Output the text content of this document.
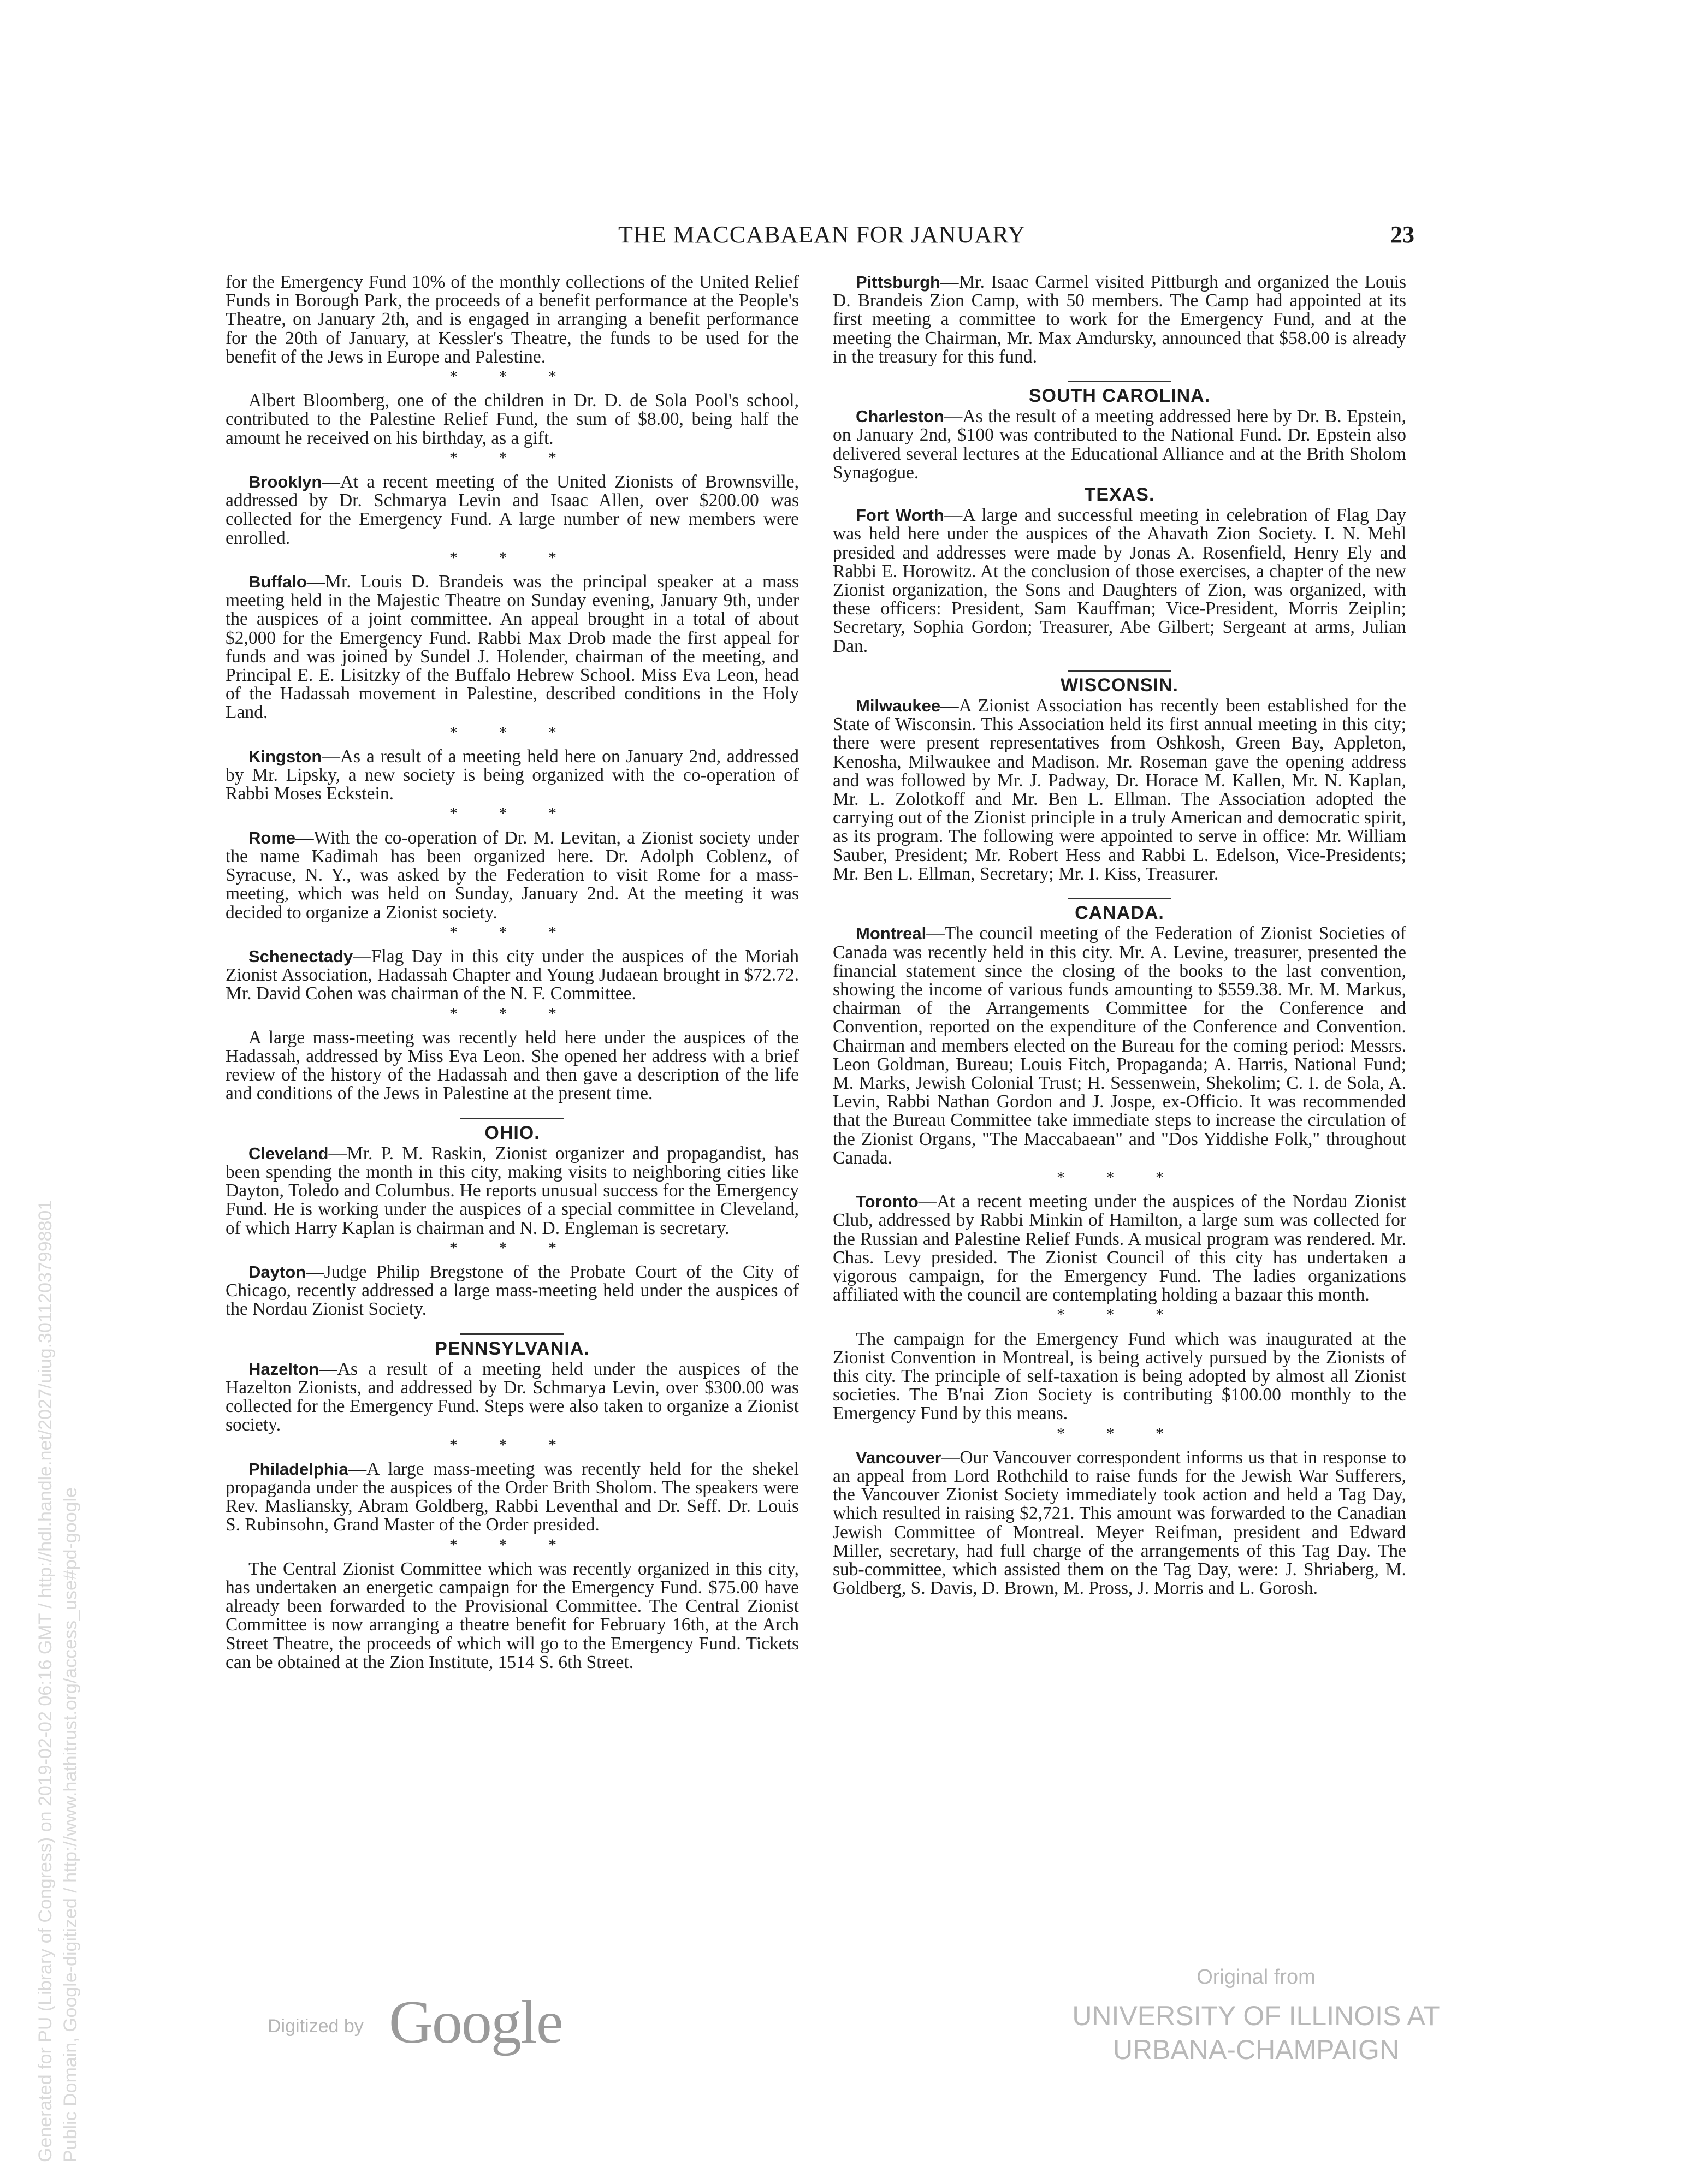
THE MACCABAEAN FOR JANUARY	23

for the Emergency Fund 10% of the monthly collections of the United Relief Funds in Borough Park, the proceeds of a benefit performance at the People's Theatre, on January 2th, and is engaged in arranging a benefit performance for the 20th of January, at Kessler's Theatre, the funds to be used for the benefit of the Jews in Europe and Palestine.

* * *

Albert Bloomberg, one of the children in Dr. D. de Sola Pool's school, contributed to the Palestine Relief Fund, the sum of $8.00, being half the amount he received on his birthday, as a gift.

* * *

Brooklyn—At a recent meeting of the United Zionists of Brownsville, addressed by Dr. Schmarya Levin and Isaac Allen, over $200.00 was collected for the Emergency Fund. A large number of new members were enrolled.

* * *

Buffalo—Mr. Louis D. Brandeis was the principal speaker at a mass meeting held in the Majestic Theatre on Sunday evening, January 9th, under the auspices of a joint committee. An appeal brought in a total of about $2,000 for the Emergency Fund. Rabbi Max Drob made the first appeal for funds and was joined by Sundel J. Holender, chairman of the meeting, and Principal E. E. Lisitzky of the Buffalo Hebrew School. Miss Eva Leon, head of the Hadassah movement in Palestine, described conditions in the Holy Land.

* * *

Kingston—As a result of a meeting held here on January 2nd, addressed by Mr. Lipsky, a new society is being organized with the co-operation of Rabbi Moses Eckstein.

* * *

Rome—With the co-operation of Dr. M. Levitan, a Zionist society under the name Kadimah has been organized here. Dr. Adolph Coblenz, of Syracuse, N. Y., was asked by the Federation to visit Rome for a mass-meeting, which was held on Sunday, January 2nd. At the meeting it was decided to organize a Zionist society.

* * *

Schenectady—Flag Day in this city under the auspices of the Moriah Zionist Association, Hadassah Chapter and Young Judaean brought in $72.72. Mr. David Cohen was chairman of the N. F. Committee.

* * *

A large mass-meeting was recently held here under the auspices of the Hadassah, addressed by Miss Eva Leon. She opened her address with a brief review of the history of the Hadassah and then gave a description of the life and conditions of the Jews in Palestine at the present time.

OHIO.

Cleveland—Mr. P. M. Raskin, Zionist organizer and propagandist, has been spending the month in this city, making visits to neighboring cities like Dayton, Toledo and Columbus. He reports unusual success for the Emergency Fund. He is working under the auspices of a special committee in Cleveland, of which Harry Kaplan is chairman and N. D. Engleman is secretary.

* * *

Dayton—Judge Philip Bregstone of the Probate Court of the City of Chicago, recently addressed a large mass-meeting held under the auspices of the Nordau Zionist Society.

PENNSYLVANIA.

Hazelton—As a result of a meeting held under the auspices of the Hazelton Zionists, and addressed by Dr. Schmarya Levin, over $300.00 was collected for the Emergency Fund. Steps were also taken to organize a Zionist society.

* * *

Philadelphia—A large mass-meeting was recently held for the shekel propaganda under the auspices of the Order Brith Sholom. The speakers were Rev. Masliansky, Abram Goldberg, Rabbi Leventhal and Dr. Seff. Dr. Louis S. Rubinsohn, Grand Master of the Order presided.

* * *

The Central Zionist Committee which was recently organized in this city, has undertaken an energetic campaign for the Emergency Fund. $75.00 have already been forwarded to the Provisional Committee. The Central Zionist Committee is now arranging a theatre benefit for February 16th, at the Arch Street Theatre, the proceeds of which will go to the Emergency Fund. Tickets can be obtained at the Zion Institute, 1514 S. 6th Street.

Pittsburgh—Mr. Isaac Carmel visited Pittburgh and organized the Louis D. Brandeis Zion Camp, with 50 members. The Camp had appointed at its first meeting a committee to work for the Emergency Fund, and at the meeting the Chairman, Mr. Max Amdursky, announced that $58.00 is already in the treasury for this fund.

SOUTH CAROLINA.

Charleston—As the result of a meeting addressed here by Dr. B. Epstein, on January 2nd, $100 was contributed to the National Fund. Dr. Epstein also delivered several lectures at the Educational Alliance and at the Brith Sholom Synagogue.

TEXAS.

Fort Worth—A large and successful meeting in celebration of Flag Day was held here under the auspices of the Ahavath Zion Society. I. N. Mehl presided and addresses were made by Jonas A. Rosenfield, Henry Ely and Rabbi E. Horowitz. At the conclusion of those exercises, a chapter of the new Zionist organization, the Sons and Daughters of Zion, was organized, with these officers: President, Sam Kauffman; Vice-President, Morris Zeiplin; Secretary, Sophia Gordon; Treasurer, Abe Gilbert; Sergeant at arms, Julian Dan.

WISCONSIN.

Milwaukee—A Zionist Association has recently been established for the State of Wisconsin. This Association held its first annual meeting in this city; there were present representatives from Oshkosh, Green Bay, Appleton, Kenosha, Milwaukee and Madison. Mr. Roseman gave the opening address and was followed by Mr. J. Padway, Dr. Horace M. Kallen, Mr. N. Kaplan, Mr. L. Zolotkoff and Mr. Ben L. Ellman. The Association adopted the carrying out of the Zionist principle in a truly American and democratic spirit, as its program. The following were appointed to serve in office: Mr. William Sauber, President; Mr. Robert Hess and Rabbi L. Edelson, Vice-Presidents; Mr. Ben L. Ellman, Secretary; Mr. I. Kiss, Treasurer.

CANADA.

Montreal—The council meeting of the Federation of Zionist Societies of Canada was recently held in this city. Mr. A. Levine, treasurer, presented the financial statement since the closing of the books to the last convention, showing the income of various funds amounting to $559.38. Mr. M. Markus, chairman of the Arrangements Committee for the Conference and Convention, reported on the expenditure of the Conference and Convention. Chairman and members elected on the Bureau for the coming period: Messrs. Leon Goldman, Bureau; Louis Fitch, Propaganda; A. Harris, National Fund; M. Marks, Jewish Colonial Trust; H. Sessenwein, Shekolim; C. I. de Sola, A. Levin, Rabbi Nathan Gordon and J. Jospe, ex-Officio. It was recommended that the Bureau Committee take immediate steps to increase the circulation of the Zionist Organs, "The Maccabaean" and "Dos Yiddishe Folk," throughout Canada.

* * *

Toronto—At a recent meeting under the auspices of the Nordau Zionist Club, addressed by Rabbi Minkin of Hamilton, a large sum was collected for the Russian and Palestine Relief Funds. A musical program was rendered. Mr. Chas. Levy presided. The Zionist Council of this city has undertaken a vigorous campaign, for the Emergency Fund. The ladies organizations affiliated with the council are contemplating holding a bazaar this month.

* * *

The campaign for the Emergency Fund which was inaugurated at the Zionist Convention in Montreal, is being actively pursued by the Zionists of this city. The principle of self-taxation is being adopted by almost all Zionist societies. The B'nai Zion Society is contributing $100.00 monthly to the Emergency Fund by this means.

* * *

Vancouver—Our Vancouver correspondent informs us that in response to an appeal from Lord Rothchild to raise funds for the Jewish War Sufferers, the Vancouver Zionist Society immediately took action and held a Tag Day, which resulted in raising $2,721. This amount was forwarded to the Canadian Jewish Committee of Montreal. Meyer Reifman, president and Edward Miller, secretary, had full charge of the arrangements of this Tag Day. The sub-committee, which assisted them on the Tag Day, were: J. Shriaberg, M. Goldberg, S. Davis, D. Brown, M. Pross, J. Morris and L. Gorosh.

Generated for PU (Library of Congress) on 2019-02-02 06:16 GMT / http://hdl.handle.net/2027/uiug.30112037998801 Public Domain, Google-digitized / http://www.hathitrust.org/access_use#pd-google	Digitized by Google
Original from
UNIVERSITY OF ILLINOIS AT
URBANA-CHAMPAIGN
